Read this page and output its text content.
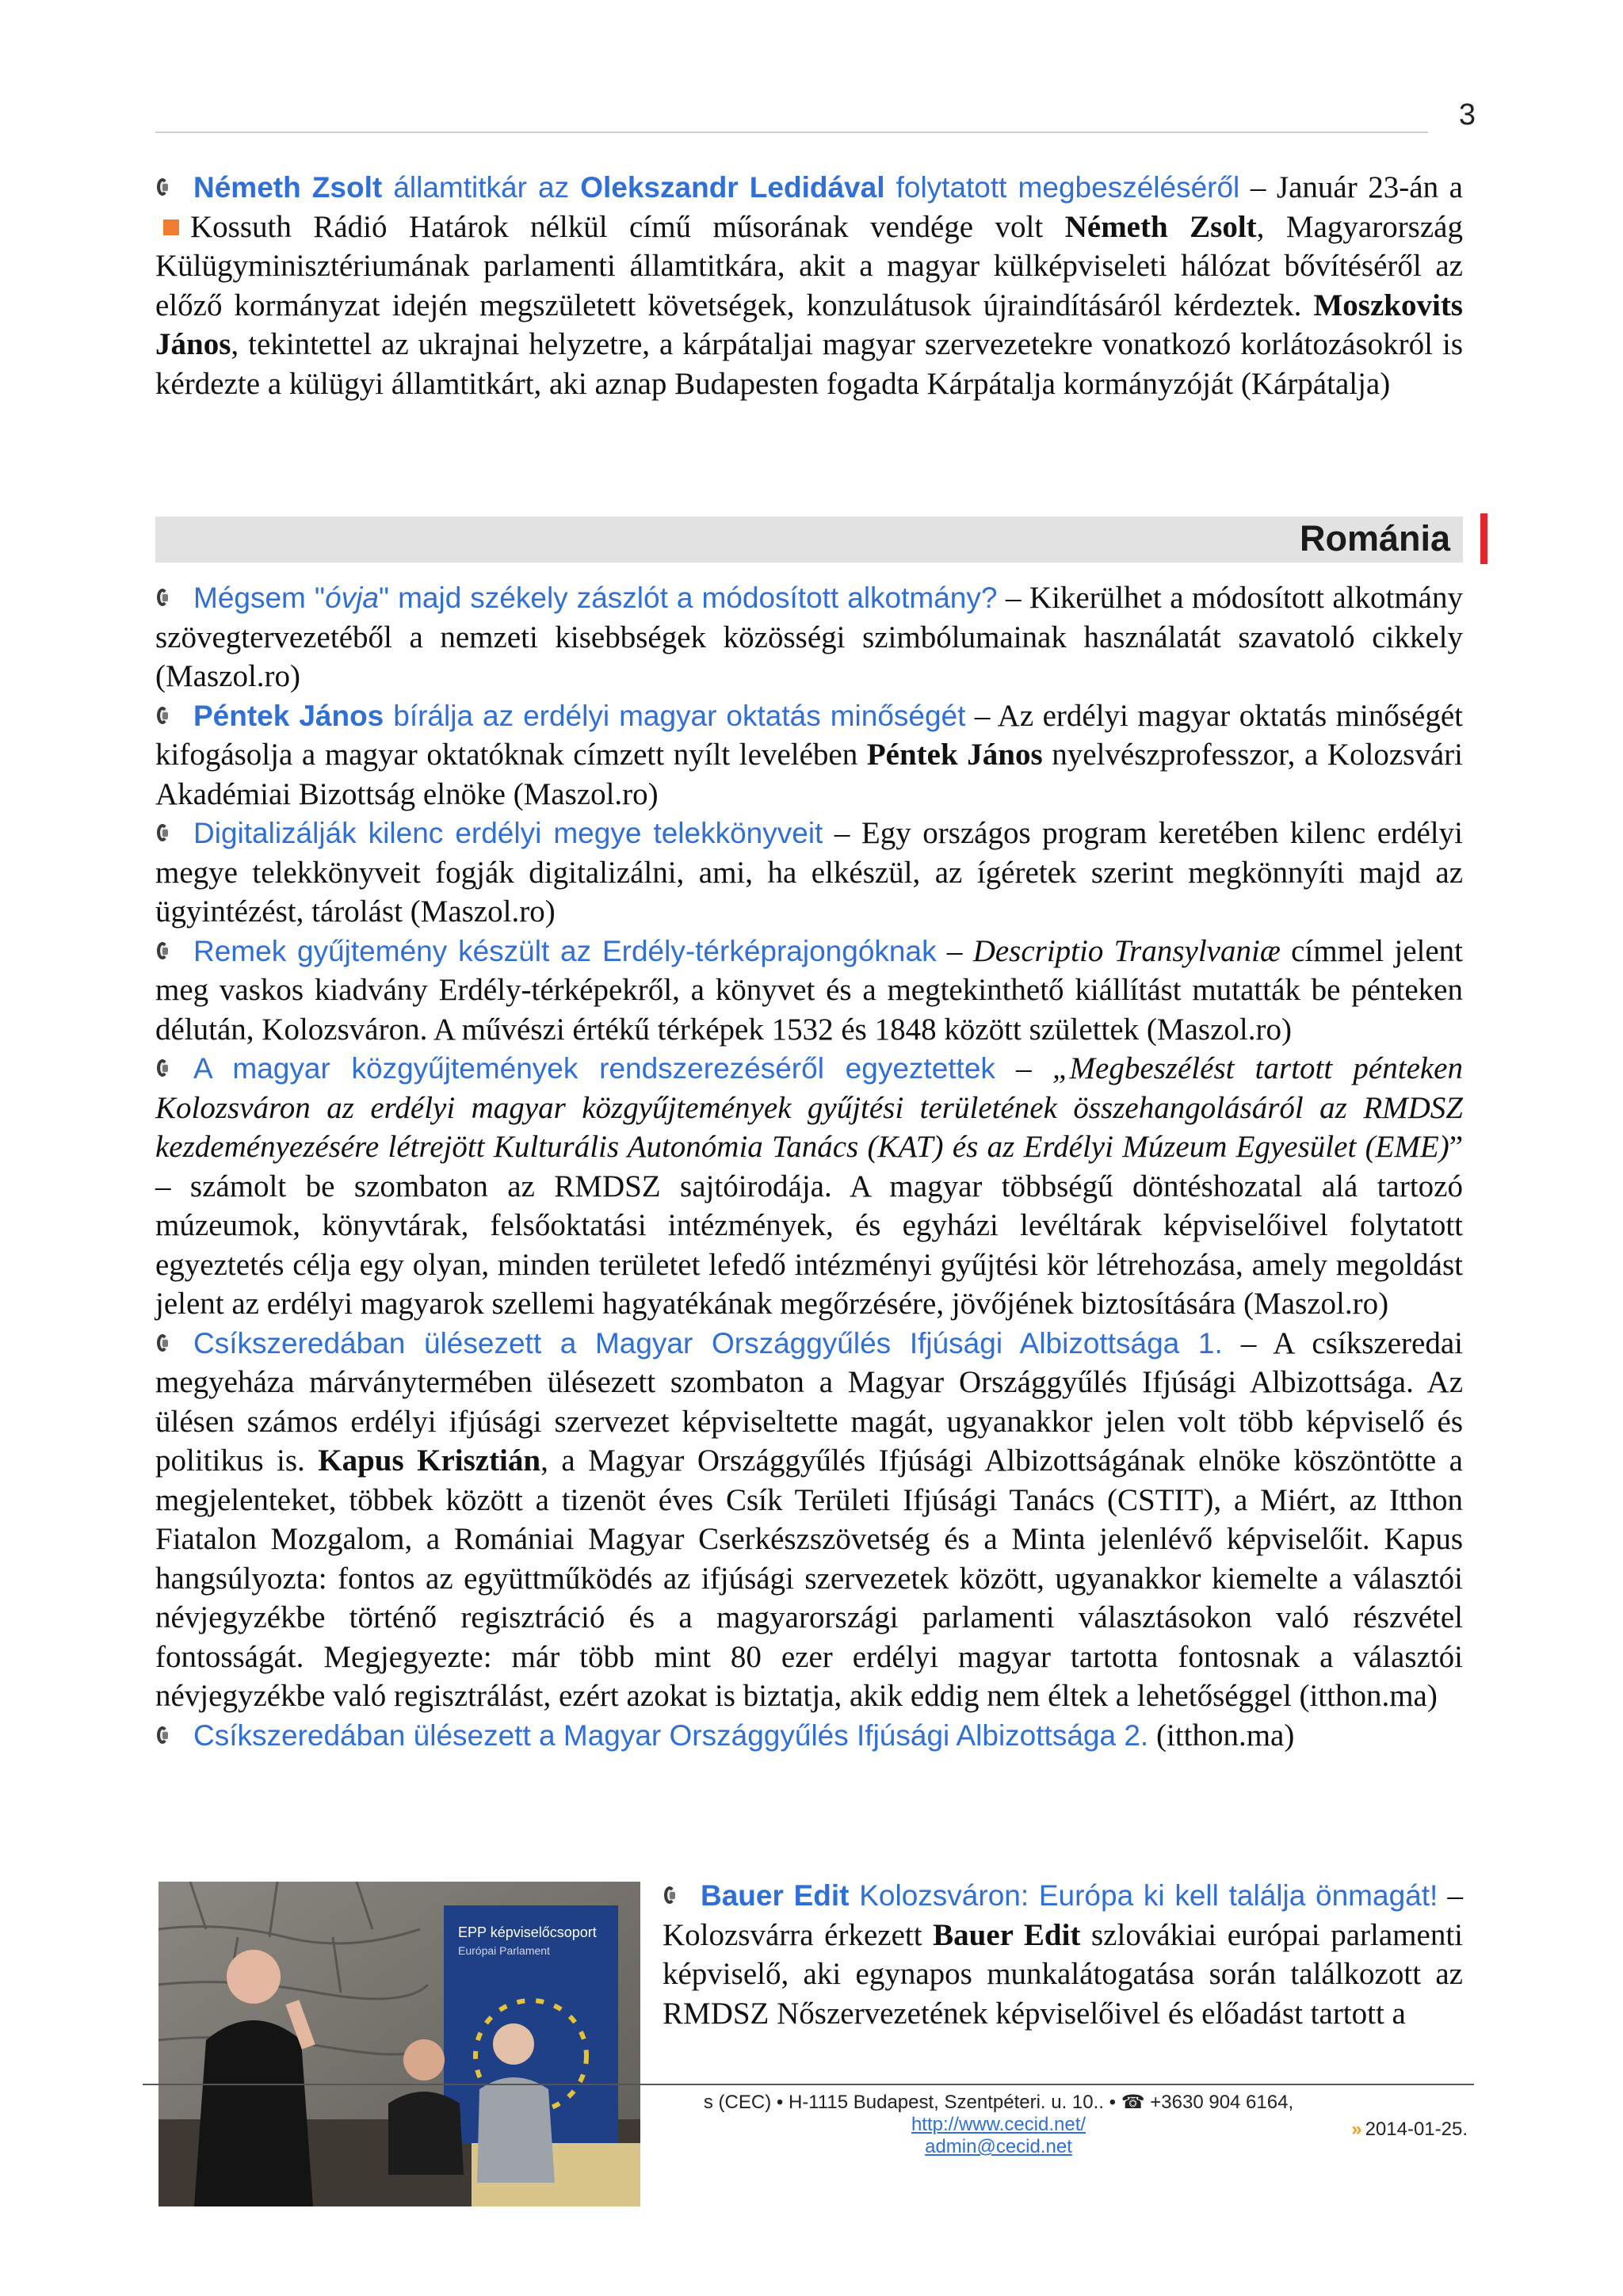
3

Németh Zsolt államtitkár az Olekszandr Ledidával folytatott megbeszéléséről – Január 23-án a Kossuth Rádió Határok nélkül című műsorának vendége volt Németh Zsolt, Magyarország Külügyminisztériumának parlamenti államtitkára, akit a magyar külképviseleti hálózat bővítéséről az előző kormányzat idején megszületett követségek, konzulátusok újraindításáról kérdeztek. Moszkovits János, tekintettel az ukrajnai helyzetre, a kárpátaljai magyar szervezetekre vonatkozó korlátozásokról is kérdezte a külügyi államtitkárt, aki aznap Budapesten fogadta Kárpátalja kormányzóját (Kárpátalja)

Románia

Mégsem "óvja" majd székely zászlót a módosított alkotmány? – Kikerülhet a módosított alkotmány szövegtervezetéből a nemzeti kisebbségek közösségi szimbólumainak használatát szavatoló cikkely (Maszol.ro)

Péntek János bírálja az erdélyi magyar oktatás minőségét – Az erdélyi magyar oktatás minőségét kifogásolja a magyar oktatóknak címzett nyílt levelében Péntek János nyelvészprofesszor, a Kolozsvári Akadémiai Bizottság elnöke (Maszol.ro)

Digitalizálják kilenc erdélyi megye telekkönyveit – Egy országos program keretében kilenc erdélyi megye telekkönyveit fogják digitalizálni, ami, ha elkészül, az ígéretek szerint megkönnyíti majd az ügyintézést, tárolást (Maszol.ro)

Remek gyűjtemény készült az Erdély-térképrajongóknak – Descriptio Transylvaniæ címmel jelent meg vaskos kiadvány Erdély-térképekről, a könyvet és a megtekinthető kiállítást mutatták be pénteken délután, Kolozsváron. A művészi értékű térképek 1532 és 1848 között születtek (Maszol.ro)

A magyar közgyűjtemények rendszerezéséről egyeztettek – „Megbeszélést tartott pénteken Kolozsváron az erdélyi magyar közgyűjtemények gyűjtési területének összehangolásáról az RMDSZ kezdeményezésére létrejött Kulturális Autonómia Tanács (KAT) és az Erdélyi Múzeum Egyesület (EME)” – számolt be szombaton az RMDSZ sajtóirodája. A magyar többségű döntéshozatal alá tartozó múzeumok, könyvtárak, felsőoktatási intézmények, és egyházi levéltárak képviselőivel folytatott egyeztetés célja egy olyan, minden területet lefedő intézményi gyűjtési kör létrehozása, amely megoldást jelent az erdélyi magyarok szellemi hagyatékának megőrzésére, jövőjének biztosítására (Maszol.ro)

Csíkszeredában ülésezett a Magyar Országgyűlés Ifjúsági Albizottsága 1. – A csíkszeredai megyeháza márványtermében ülésezett szombaton a Magyar Országgyűlés Ifjúsági Albizottsága. Az ülésen számos erdélyi ifjúsági szervezet képviseltette magát, ugyanakkor jelen volt több képviselő és politikus is. Kapus Krisztián, a Magyar Országgyűlés Ifjúsági Albizottságának elnöke köszöntötte a megjelenteket, többek között a tizenöt éves Csík Területi Ifjúsági Tanács (CSTIT), a Miért, az Itthon Fiatalon Mozgalom, a Romániai Magyar Cserkészszövetség és a Minta jelenlévő képviselőit. Kapus hangsúlyozta: fontos az együttműködés az ifjúsági szervezetek között, ugyanakkor kiemelte a választói névjegyzékbe történő regisztráció és a magyarországi parlamenti választásokon való részvétel fontosságát. Megjegyezte: már több mint 80 ezer erdélyi magyar tartotta fontosnak a választói névjegyzékbe való regisztrálást, ezért azokat is biztatja, akik eddig nem éltek a lehetőséggel (itthon.ma)

Csíkszeredában ülésezett a Magyar Országgyűlés Ifjúsági Albizottsága 2. (itthon.ma)

EPP képviselőcsoport
Európai Parlament
Bauer Edit Kolozsváron: Európa ki kell találja önmagát! – Kolozsvárra érkezett Bauer Edit szlovákiai európai parlamenti képviselő, aki egynapos munkalátogatása során találkozott az RMDSZ Nőszervezetének képviselőivel és előadást tartott a
s (CEC) • H-1115 Budapest, Szentpéteri. u. 10.. • ☎ +3630 904 6164,
http://www.cecid.net/
admin@cecid.net
» 2014-01-25.
